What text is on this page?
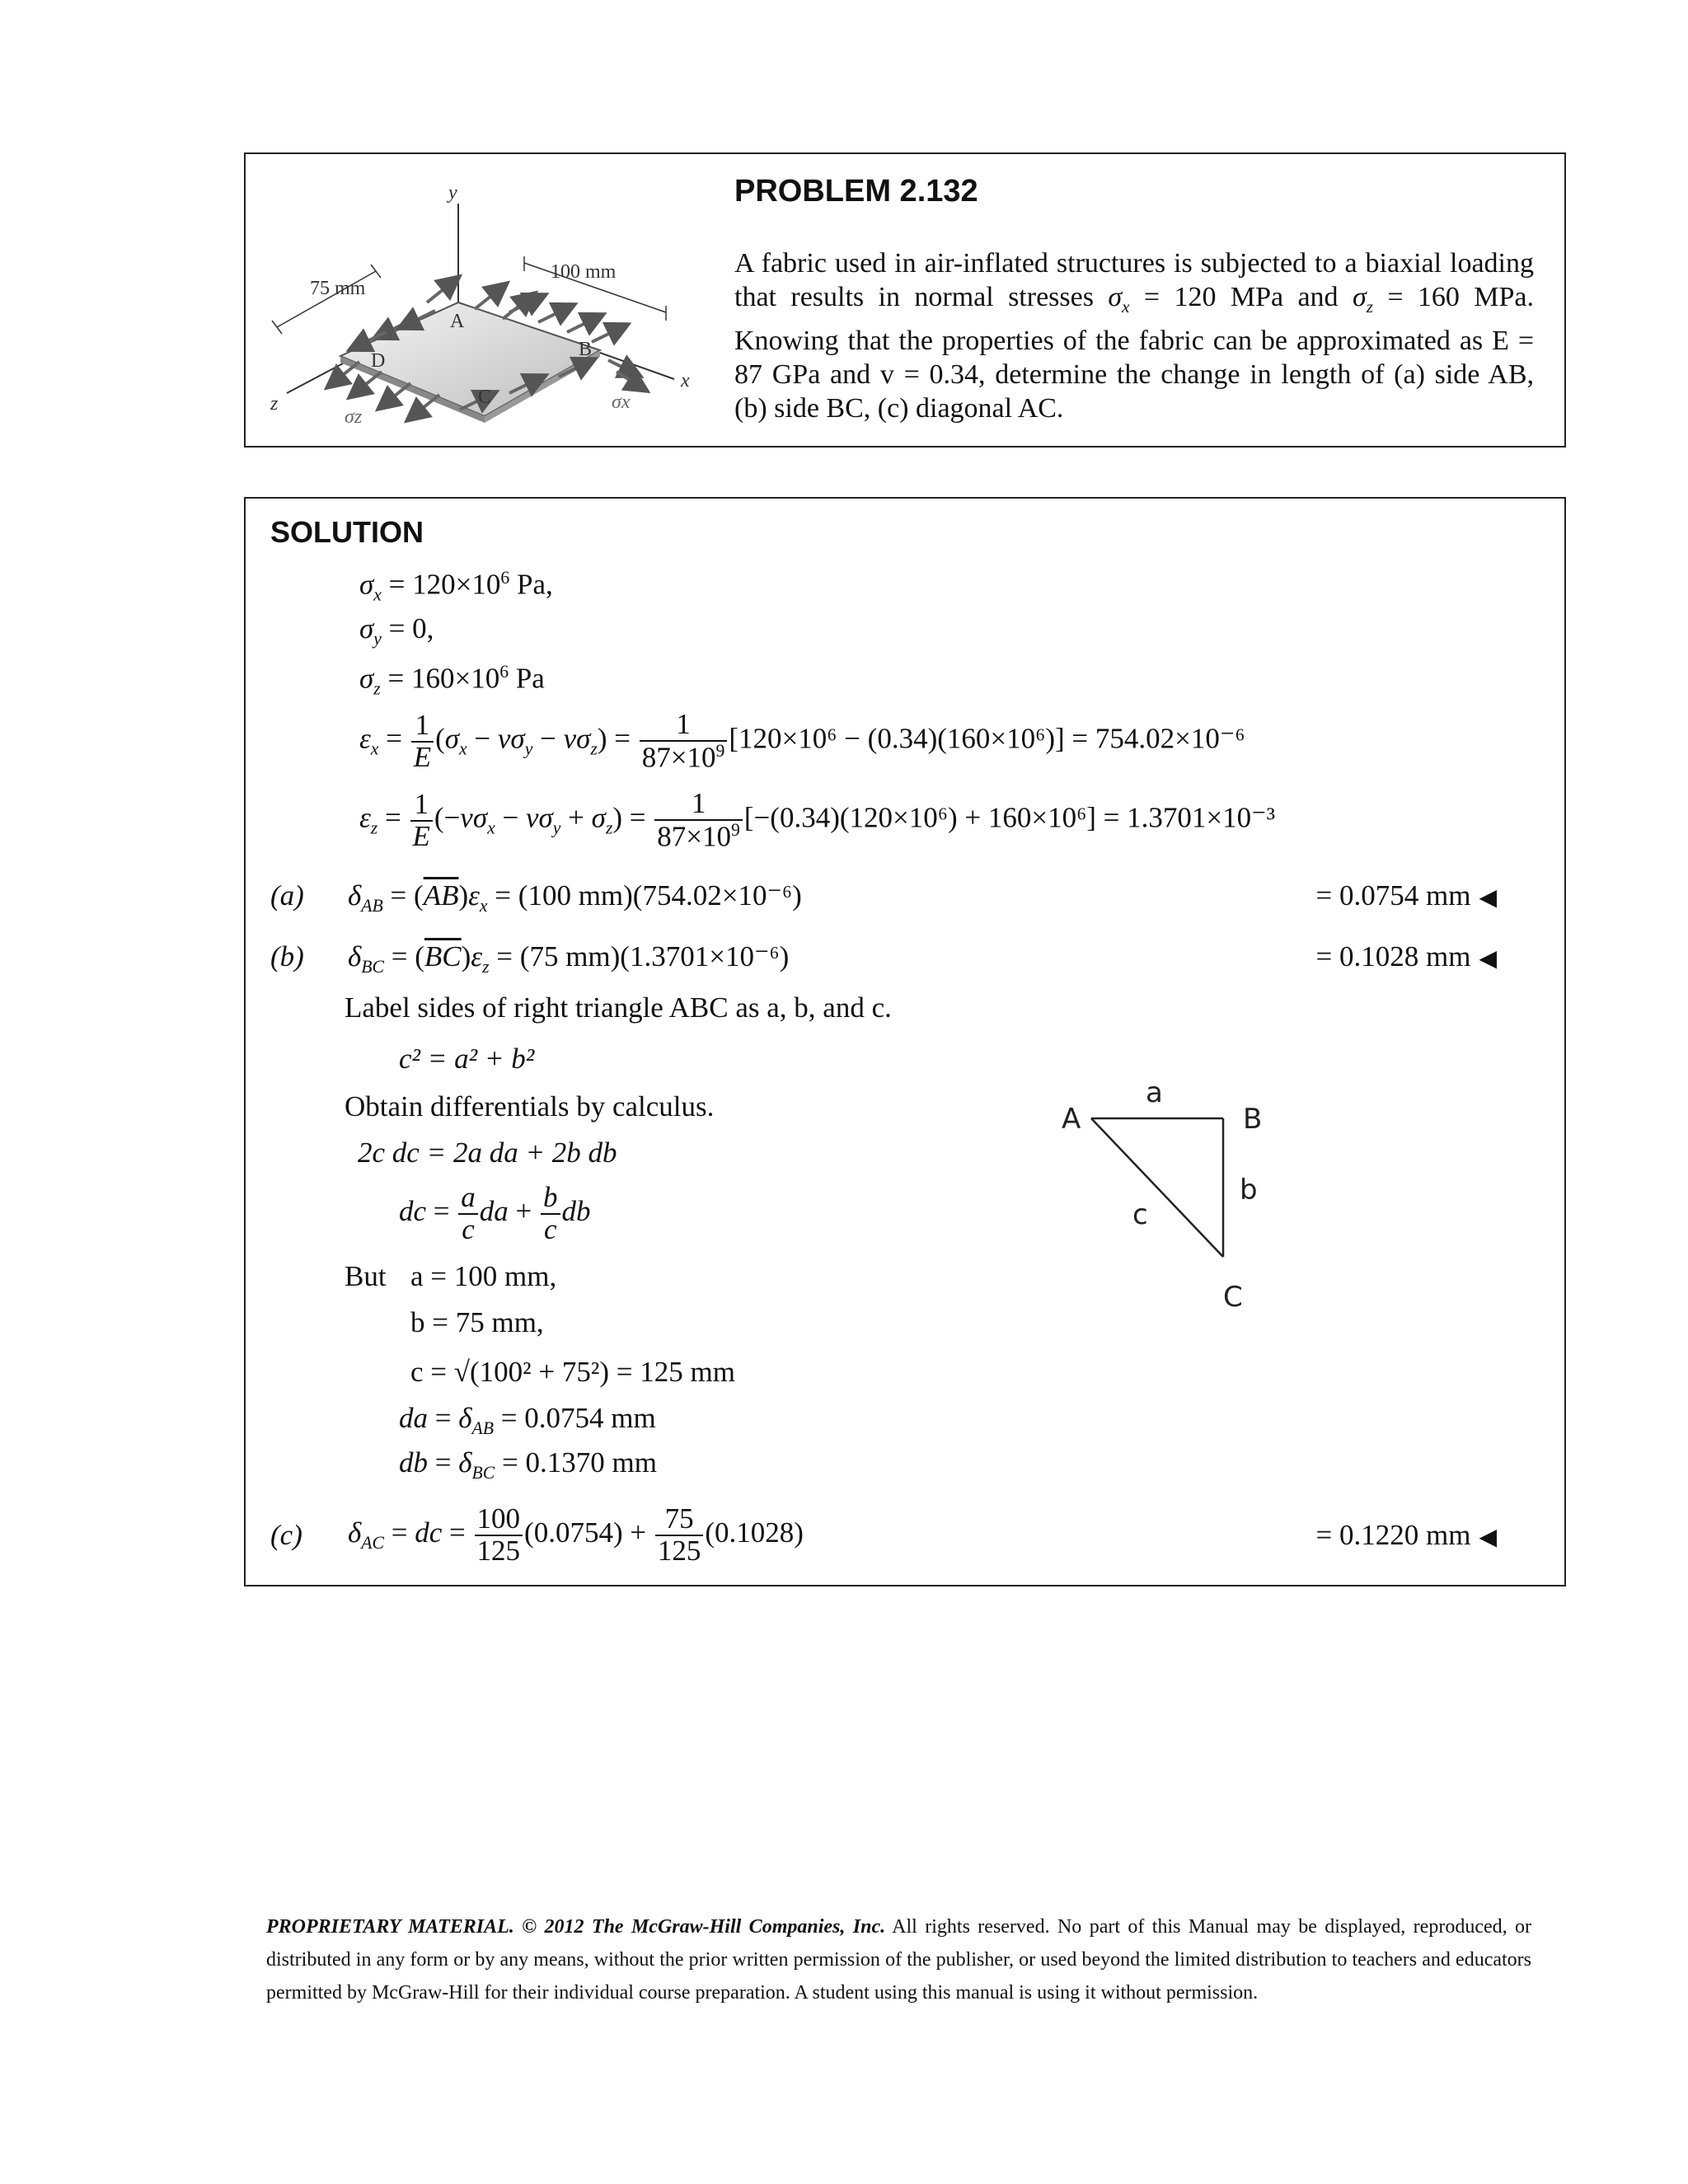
y
x
z
100 mm
75 mm
A
B
C
D
σx
σz
PROBLEM 2.132
A fabric used in air-inflated structures is subjected to a biaxial loading that results in normal stresses $\sigma_x = 120$ MPa and $\sigma_z = 160$ MPa. Knowing that the properties of the fabric can be approximated as E = 87 GPa and v = 0.34, determine the change in length of (a) side AB, (b) side BC, (c) diagonal AC.
SOLUTION
$\sigma_x = 120\times 10^6$ Pa,
$\sigma_y = 0$,
$\sigma_z = 160\times 10^6$ Pa
$\varepsilon_x = \frac{1}{E} (\sigma_x - v\sigma_y - v\sigma_z) = \frac{1}{87\times 10^9} [120\times 10^6 - (0.34)(160\times 10^6)] = 754.02\times 10^{-6}$
$\varepsilon_z = \frac{1}{E} (-v\sigma_x - v\sigma_y + \sigma_z) = \frac{1}{87\times 10^9} [-(0.34)(120\times 10^6) + 160\times 10^6] = 1.3701\times 10^{-3}$
(a) $\delta_{AB} = (\overline{AB})\varepsilon_x = (100$ mm)(754.02×10⁻⁶)	= 0.0754 mm ◀
(b) $\delta_{BC} = (\overline{BC})\varepsilon_z = (75$ mm)(1.3701×10⁻⁶)	= 0.1028 mm ◀
Label sides of right triangle ABC as a, b, and c.
c² = a² + b²
Obtain differentials by calculus.
2c dc = 2a da + 2b db
dc = $\frac{a}{c}$ da + $\frac{b}{c}$ db
But a = 100 mm,
b = 75 mm,
c = √(100² + 75²) = 125 mm
da = $\delta_{AB} = 0.0754$ mm
db = $\delta_{BC} = 0.1370$ mm
(c) $\delta_{AC}$ = dc = $\frac{100}{125} (0.0754) + \frac{75}{125} (0.1028)$	= 0.1220 mm ◀
A	B
C
a
b
c
PROPRIETARY MATERIAL. © 2012 The McGraw-Hill Companies, Inc. All rights reserved. No part of this Manual may be displayed, reproduced, or distributed in any form or by any means, without the prior written permission of the publisher, or used beyond the limited distribution to teachers and educators permitted by McGraw-Hill for their individual course preparation. A student using this manual is using it without permission.
